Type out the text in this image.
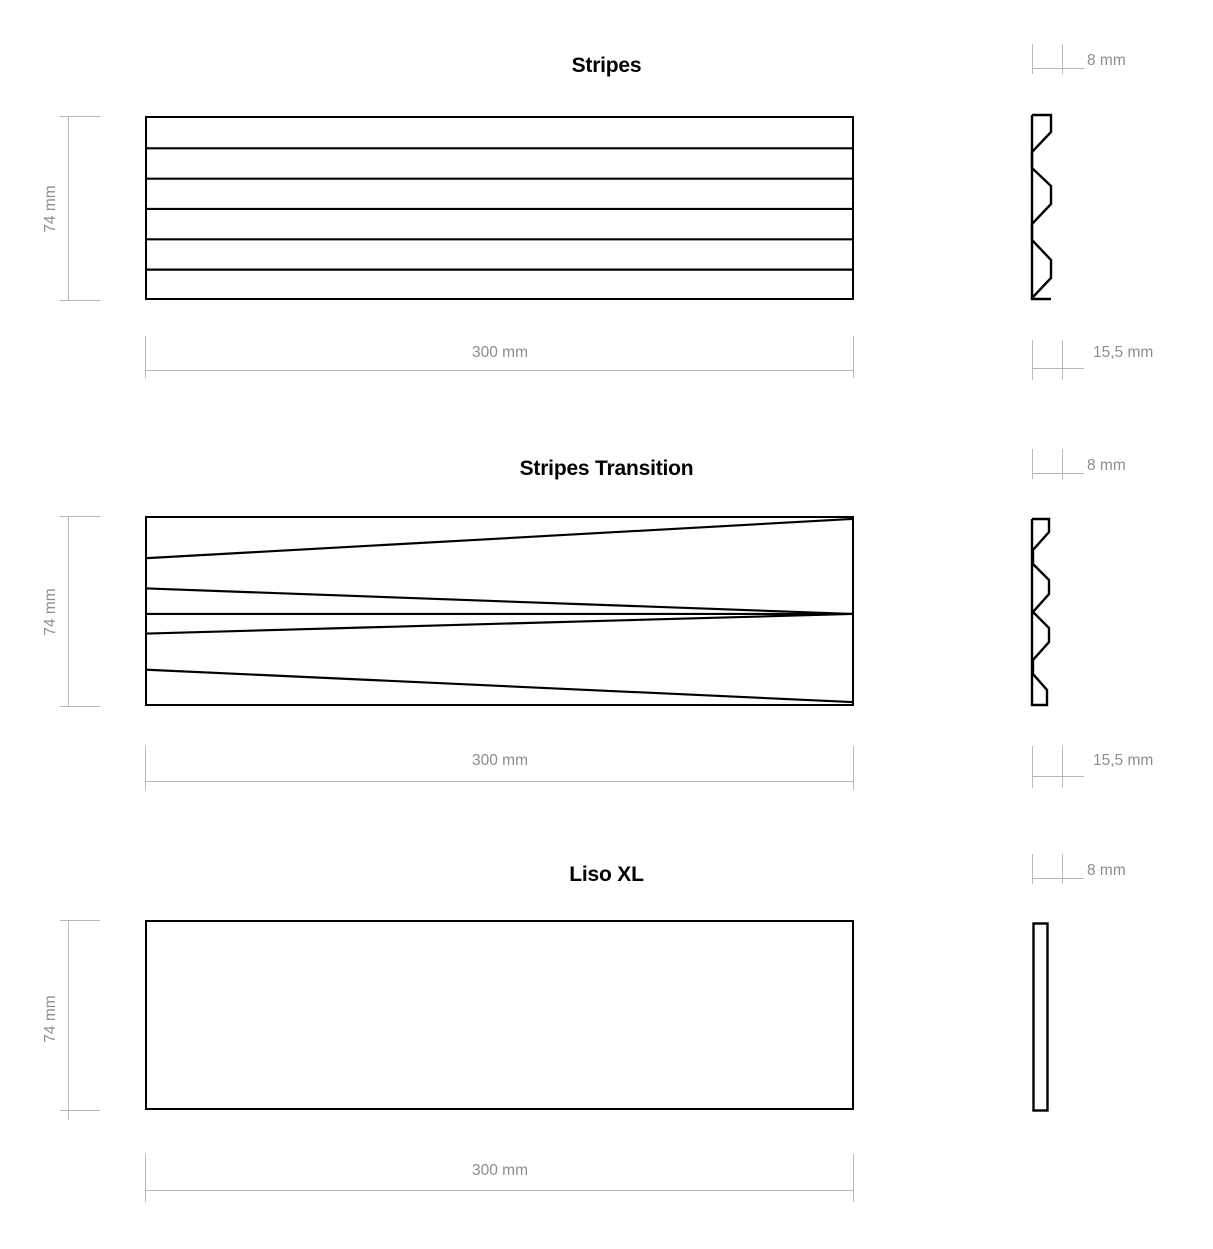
Stripes
74 mm
300 mm
8 mm
15,5 mm
Stripes Transition
74 mm
300 mm
8 mm
15,5 mm
Liso XL
74 mm
300 mm
8 mm
